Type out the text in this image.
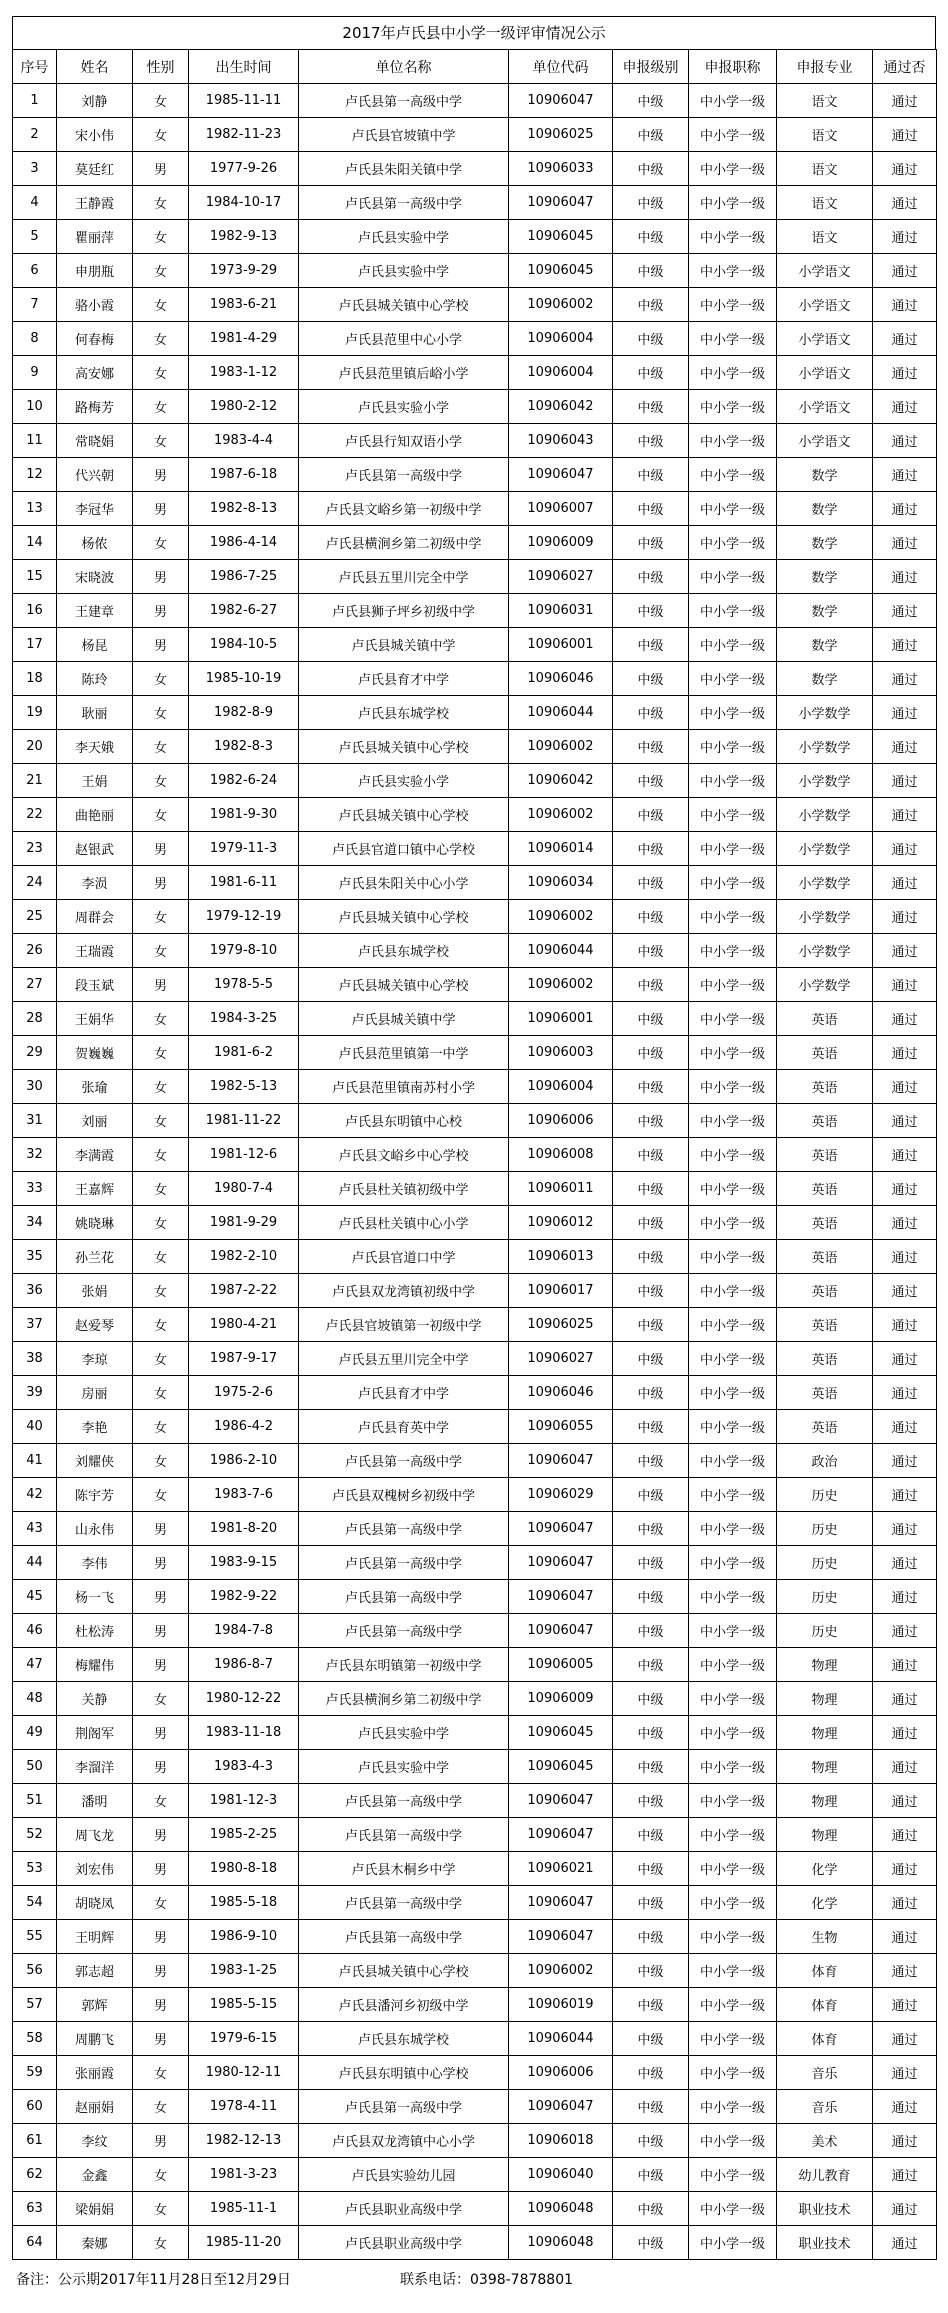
2017年卢氏县中小学一级评审情况公示
序号	姓名	性别	出生时间	单位名称	单位代码	申报级别	申报职称	申报专业	通过否
1	刘静	女	1985-11-11	卢氏县第一高级中学	10906047	中级	中小学一级	语文	通过
2	宋小伟	女	1982-11-23	卢氏县官坡镇中学	10906025	中级	中小学一级	语文	通过
3	莫廷红	男	1977-9-26	卢氏县朱阳关镇中学	10906033	中级	中小学一级	语文	通过
4	王静霞	女	1984-10-17	卢氏县第一高级中学	10906047	中级	中小学一级	语文	通过
5	瞿丽萍	女	1982-9-13	卢氏县实验中学	10906045	中级	中小学一级	语文	通过
6	申朋瓶	女	1973-9-29	卢氏县实验中学	10906045	中级	中小学一级	小学语文	通过
7	骆小霞	女	1983-6-21	卢氏县城关镇中心学校	10906002	中级	中小学一级	小学语文	通过
8	何春梅	女	1981-4-29	卢氏县范里中心小学	10906004	中级	中小学一级	小学语文	通过
9	高安娜	女	1983-1-12	卢氏县范里镇后峪小学	10906004	中级	中小学一级	小学语文	通过
10	路梅芳	女	1980-2-12	卢氏县实验小学	10906042	中级	中小学一级	小学语文	通过
11	常晓娟	女	1983-4-4	卢氏县行知双语小学	10906043	中级	中小学一级	小学语文	通过
12	代兴朝	男	1987-6-18	卢氏县第一高级中学	10906047	中级	中小学一级	数学	通过
13	李冠华	男	1982-8-13	卢氏县文峪乡第一初级中学	10906007	中级	中小学一级	数学	通过
14	杨侬	女	1986-4-14	卢氏县横涧乡第二初级中学	10906009	中级	中小学一级	数学	通过
15	宋晓波	男	1986-7-25	卢氏县五里川完全中学	10906027	中级	中小学一级	数学	通过
16	王建章	男	1982-6-27	卢氏县狮子坪乡初级中学	10906031	中级	中小学一级	数学	通过
17	杨昆	男	1984-10-5	卢氏县城关镇中学	10906001	中级	中小学一级	数学	通过
18	陈玲	女	1985-10-19	卢氏县育才中学	10906046	中级	中小学一级	数学	通过
19	耿丽	女	1982-8-9	卢氏县东城学校	10906044	中级	中小学一级	小学数学	通过
20	李天娥	女	1982-8-3	卢氏县城关镇中心学校	10906002	中级	中小学一级	小学数学	通过
21	王娟	女	1982-6-24	卢氏县实验小学	10906042	中级	中小学一级	小学数学	通过
22	曲艳丽	女	1981-9-30	卢氏县城关镇中心学校	10906002	中级	中小学一级	小学数学	通过
23	赵银武	男	1979-11-3	卢氏县官道口镇中心学校	10906014	中级	中小学一级	小学数学	通过
24	李涢	男	1981-6-11	卢氏县朱阳关中心小学	10906034	中级	中小学一级	小学数学	通过
25	周群会	女	1979-12-19	卢氏县城关镇中心学校	10906002	中级	中小学一级	小学数学	通过
26	王瑞霞	女	1979-8-10	卢氏县东城学校	10906044	中级	中小学一级	小学数学	通过
27	段玉斌	男	1978-5-5	卢氏县城关镇中心学校	10906002	中级	中小学一级	小学数学	通过
28	王娟华	女	1984-3-25	卢氏县城关镇中学	10906001	中级	中小学一级	英语	通过
29	贺巍巍	女	1981-6-2	卢氏县范里镇第一中学	10906003	中级	中小学一级	英语	通过
30	张瑜	女	1982-5-13	卢氏县范里镇南苏村小学	10906004	中级	中小学一级	英语	通过
31	刘丽	女	1981-11-22	卢氏县东明镇中心校	10906006	中级	中小学一级	英语	通过
32	李满霞	女	1981-12-6	卢氏县文峪乡中心学校	10906008	中级	中小学一级	英语	通过
33	王嘉辉	女	1980-7-4	卢氏县杜关镇初级中学	10906011	中级	中小学一级	英语	通过
34	姚晓琳	女	1981-9-29	卢氏县杜关镇中心小学	10906012	中级	中小学一级	英语	通过
35	孙兰花	女	1982-2-10	卢氏县官道口中学	10906013	中级	中小学一级	英语	通过
36	张娟	女	1987-2-22	卢氏县双龙湾镇初级中学	10906017	中级	中小学一级	英语	通过
37	赵爱琴	女	1980-4-21	卢氏县官坡镇第一初级中学	10906025	中级	中小学一级	英语	通过
38	李琼	女	1987-9-17	卢氏县五里川完全中学	10906027	中级	中小学一级	英语	通过
39	房丽	女	1975-2-6	卢氏县育才中学	10906046	中级	中小学一级	英语	通过
40	李艳	女	1986-4-2	卢氏县育英中学	10906055	中级	中小学一级	英语	通过
41	刘耀侠	女	1986-2-10	卢氏县第一高级中学	10906047	中级	中小学一级	政治	通过
42	陈宇芳	女	1983-7-6	卢氏县双槐树乡初级中学	10906029	中级	中小学一级	历史	通过
43	山永伟	男	1981-8-20	卢氏县第一高级中学	10906047	中级	中小学一级	历史	通过
44	李伟	男	1983-9-15	卢氏县第一高级中学	10906047	中级	中小学一级	历史	通过
45	杨一飞	男	1982-9-22	卢氏县第一高级中学	10906047	中级	中小学一级	历史	通过
46	杜松涛	男	1984-7-8	卢氏县第一高级中学	10906047	中级	中小学一级	历史	通过
47	梅耀伟	男	1986-8-7	卢氏县东明镇第一初级中学	10906005	中级	中小学一级	物理	通过
48	关静	女	1980-12-22	卢氏县横涧乡第二初级中学	10906009	中级	中小学一级	物理	通过
49	荆阁军	男	1983-11-18	卢氏县实验中学	10906045	中级	中小学一级	物理	通过
50	李溜洋	男	1983-4-3	卢氏县实验中学	10906045	中级	中小学一级	物理	通过
51	潘明	女	1981-12-3	卢氏县第一高级中学	10906047	中级	中小学一级	物理	通过
52	周飞龙	男	1985-2-25	卢氏县第一高级中学	10906047	中级	中小学一级	物理	通过
53	刘宏伟	男	1980-8-18	卢氏县木桐乡中学	10906021	中级	中小学一级	化学	通过
54	胡晓凤	女	1985-5-18	卢氏县第一高级中学	10906047	中级	中小学一级	化学	通过
55	王明辉	男	1986-9-10	卢氏县第一高级中学	10906047	中级	中小学一级	生物	通过
56	郭志超	男	1983-1-25	卢氏县城关镇中心学校	10906002	中级	中小学一级	体育	通过
57	郭辉	男	1985-5-15	卢氏县潘河乡初级中学	10906019	中级	中小学一级	体育	通过
58	周鹏飞	男	1979-6-15	卢氏县东城学校	10906044	中级	中小学一级	体育	通过
59	张丽霞	女	1980-12-11	卢氏县东明镇中心学校	10906006	中级	中小学一级	音乐	通过
60	赵丽娟	女	1978-4-11	卢氏县第一高级中学	10906047	中级	中小学一级	音乐	通过
61	李纹	男	1982-12-13	卢氏县双龙湾镇中心小学	10906018	中级	中小学一级	美术	通过
62	金鑫	女	1981-3-23	卢氏县实验幼儿园	10906040	中级	中小学一级	幼儿教育	通过
63	梁娟娟	女	1985-11-1	卢氏县职业高级中学	10906048	中级	中小学一级	职业技术	通过
64	秦娜	女	1985-11-20	卢氏县职业高级中学	10906048	中级	中小学一级	职业技术	通过
备注：公示期2017年11月28日至12月29日	联系电话：0398-7878801
